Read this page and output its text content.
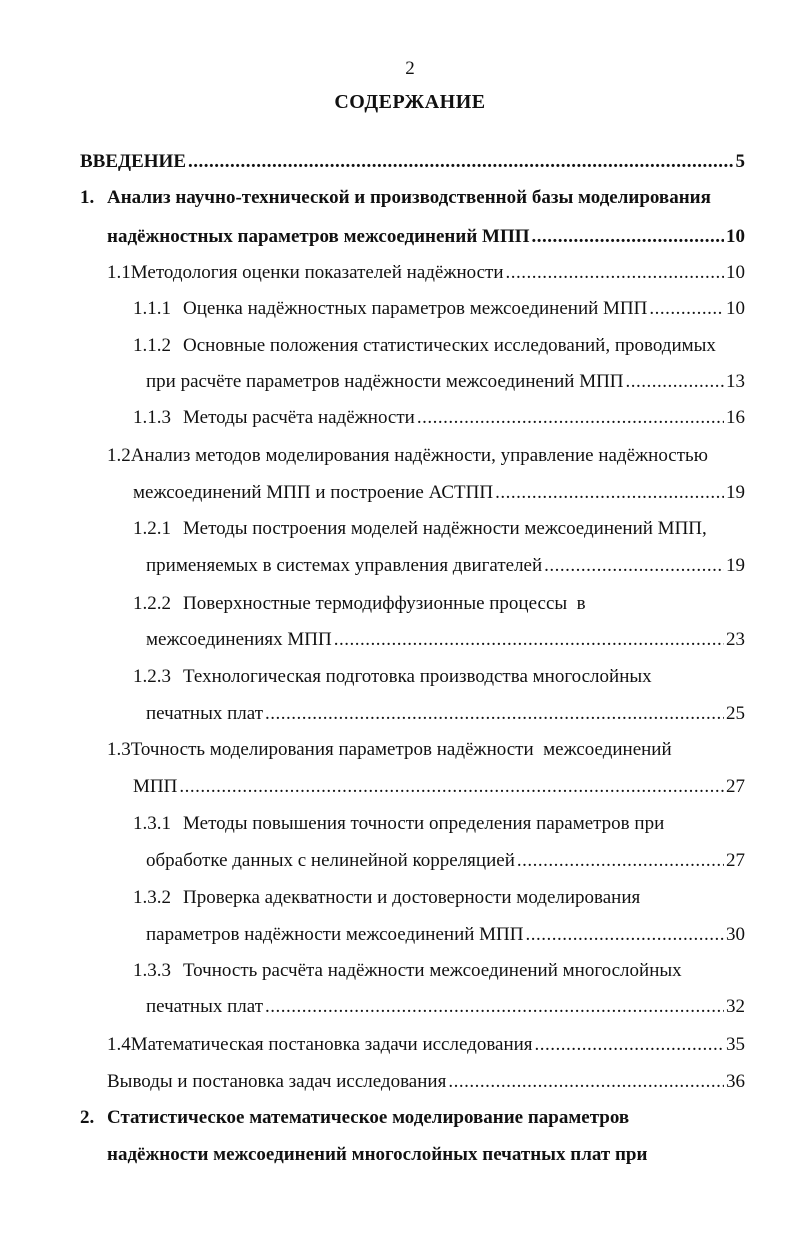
2
СОДЕРЖАНИЕ
ВВЕДЕНИЕ .....	5
1. Анализ научно-технической и производственной базы моделирования
надёжностных параметров межсоединений МПП .....	10
1.1 Методология оценки показателей надёжности .....	10
1.1.1 Оценка надёжностных параметров межсоединений МПП .....	10
1.1.2 Основные положения статистических исследований, проводимых
при расчёте параметров надёжности межсоединений МПП .....	13
1.1.3 Методы расчёта надёжности .....	16
1.2 Анализ методов моделирования надёжности, управление надёжностью
межсоединений МПП и построение АСТПП .....	19
1.2.1 Методы построения моделей надёжности межсоединений МПП,
применяемых в системах управления двигателей .....	19
1.2.2 Поверхностные термодиффузионные процессы  в
межсоединениях МПП .....	23
1.2.3 Технологическая подготовка производства многослойных
печатных плат .....	25
1.3 Точность моделирования параметров надёжности  межсоединений
МПП .....	27
1.3.1 Методы повышения точности определения параметров при
обработке данных с нелинейной корреляцией .....	27
1.3.2 Проверка адекватности и достоверности моделирования
параметров надёжности межсоединений МПП .....	30
1.3.3 Точность расчёта надёжности межсоединений многослойных
печатных плат .....	32
1.4 Математическая постановка задачи исследования .....	35
Выводы и постановка задач исследования .....	36
2. Статистическое математическое моделирование параметров
надёжности межсоединений многослойных печатных плат при
